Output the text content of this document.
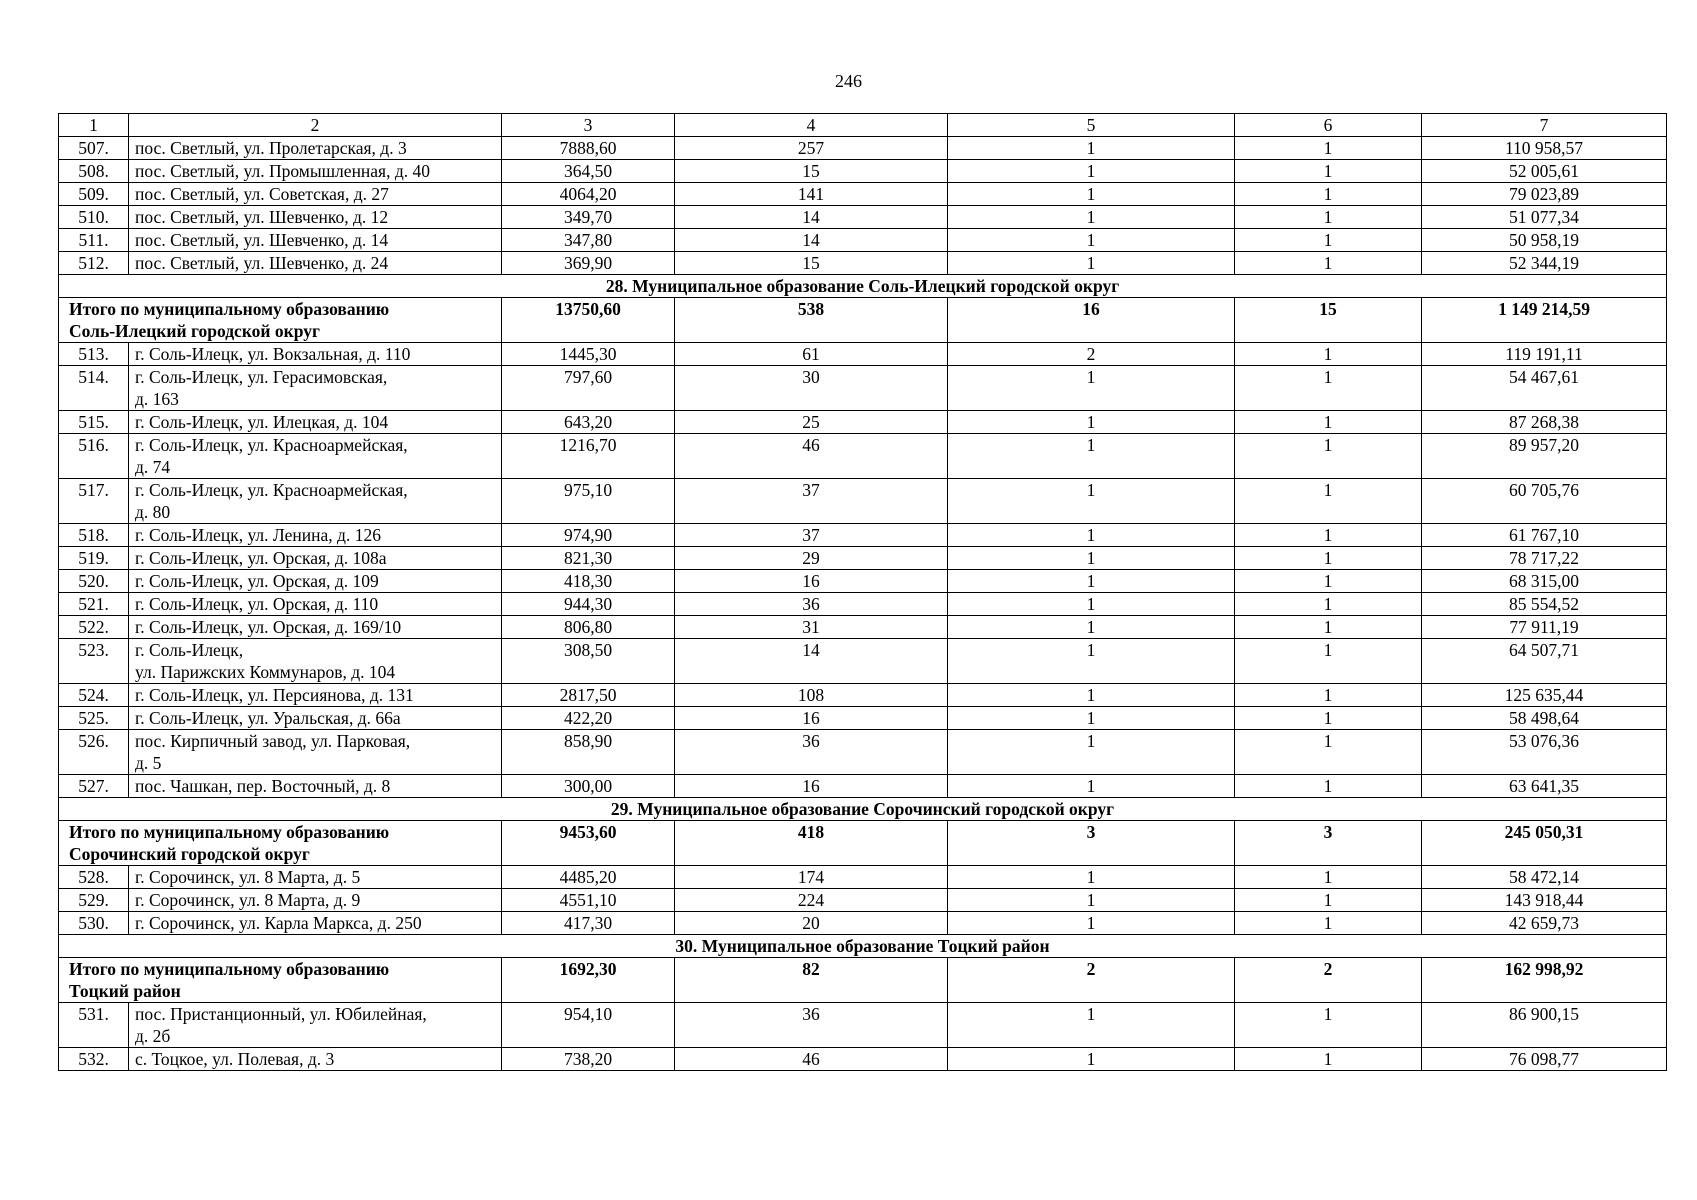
246
1	2	3	4	5	6	7
507.	пос. Светлый, ул. Пролетарская, д. 3	7888,60	257	1	1	110 958,57
508.	пос. Светлый, ул. Промышленная, д. 40	364,50	15	1	1	52 005,61
509.	пос. Светлый, ул. Советская, д. 27	4064,20	141	1	1	79 023,89
510.	пос. Светлый, ул. Шевченко, д. 12	349,70	14	1	1	51 077,34
511.	пос. Светлый, ул. Шевченко, д. 14	347,80	14	1	1	50 958,19
512.	пос. Светлый, ул. Шевченко, д. 24	369,90	15	1	1	52 344,19
28. Муниципальное образование Соль-Илецкий городской округ						

Итого по муниципальному образованию
Соль-Илецкий городской округ		13750,60	538	16	15	1 149 214,59
513.	г. Соль-Илецк, ул. Вокзальная, д. 110	1445,30	61	2	1	119 191,11
514.	г. Соль-Илецк, ул. Герасимовская,
д. 163	797,60	30	1	1	54 467,61
515.	г. Соль-Илецк, ул. Илецкая, д. 104	643,20	25	1	1	87 268,38
516.	г. Соль-Илецк, ул. Красноармейская,
д. 74	1216,70	46	1	1	89 957,20
517.	г. Соль-Илецк, ул. Красноармейская,
д. 80	975,10	37	1	1	60 705,76
518.	г. Соль-Илецк, ул. Ленина, д. 126	974,90	37	1	1	61 767,10
519.	г. Соль-Илецк, ул. Орская, д. 108а	821,30	29	1	1	78 717,22
520.	г. Соль-Илецк, ул. Орская, д. 109	418,30	16	1	1	68 315,00
521.	г. Соль-Илецк, ул. Орская, д. 110	944,30	36	1	1	85 554,52
522.	г. Соль-Илецк, ул. Орская, д. 169/10	806,80	31	1	1	77 911,19
523.	г. Соль-Илецк,
ул. Парижских Коммунаров, д. 104	308,50	14	1	1	64 507,71
524.	г. Соль-Илецк, ул. Персиянова, д. 131	2817,50	108	1	1	125 635,44
525.	г. Соль-Илецк, ул. Уральская, д. 66а	422,20	16	1	1	58 498,64
526.	пос. Кирпичный завод, ул. Парковая,
д. 5	858,90	36	1	1	53 076,36
527.	пос. Чашкан, пер. Восточный, д. 8	300,00	16	1	1	63 641,35
29. Муниципальное образование Сорочинский городской округ						

Итого по муниципальному образованию
Сорочинский городской округ		9453,60	418	3	3	245 050,31
528.	г. Сорочинск, ул. 8 Марта, д. 5	4485,20	174	1	1	58 472,14
529.	г. Сорочинск, ул. 8 Марта, д. 9	4551,10	224	1	1	143 918,44
530.	г. Сорочинск, ул. Карла Маркса, д. 250	417,30	20	1	1	42 659,73
30. Муниципальное образование Тоцкий район						

Итого по муниципальному образованию
Тоцкий район		1692,30	82	2	2	162 998,92
531.	пос. Пристанционный, ул. Юбилейная,
д. 2б	954,10	36	1	1	86 900,15
532.	с. Тоцкое, ул. Полевая, д. 3	738,20	46	1	1	76 098,77
